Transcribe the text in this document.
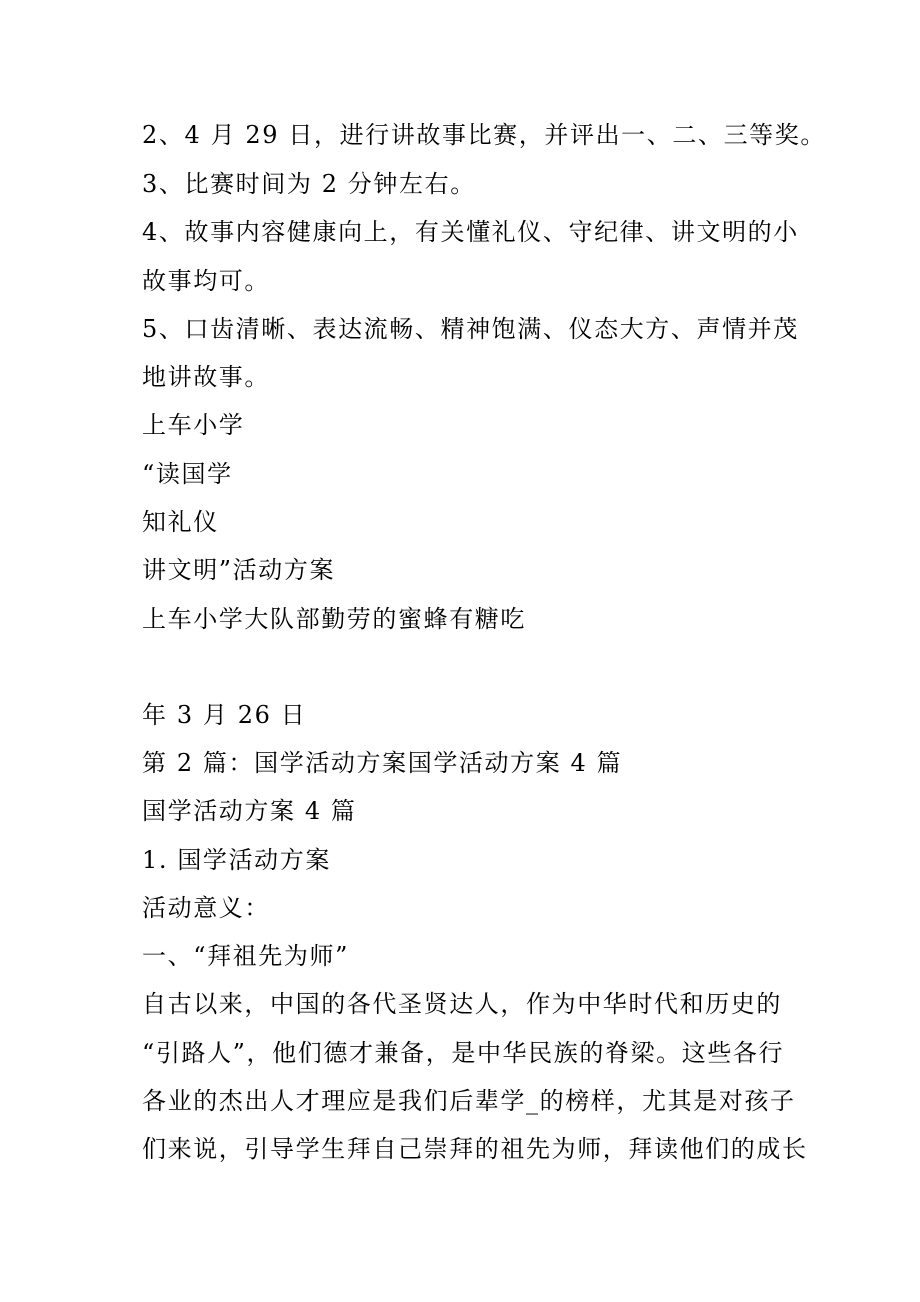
2、4 月 29 日，进行讲故事比赛，并评出一、二、三等奖。
3、比赛时间为 2 分钟左右。
4、故事内容健康向上，有关懂礼仪、守纪律、讲文明的小
故事均可。
5、口齿清晰、表达流畅、精神饱满、仪态大方、声情并茂
地讲故事。
上车小学
“读国学
知礼仪
讲文明”活动方案
上车小学大队部勤劳的蜜蜂有糖吃
年 3 月 26 日
第 2 篇：国学活动方案国学活动方案 4 篇
国学活动方案 4 篇
1. 国学活动方案
活动意义：
一、“拜祖先为师”
自古以来，中国的各代圣贤达人，作为中华时代和历史的
“引路人”，他们德才兼备，是中华民族的脊梁。这些各行
各业的杰出人才理应是我们后辈学_的榜样，尤其是对孩子
们来说，引导学生拜自己崇拜的祖先为师，拜读他们的成长
